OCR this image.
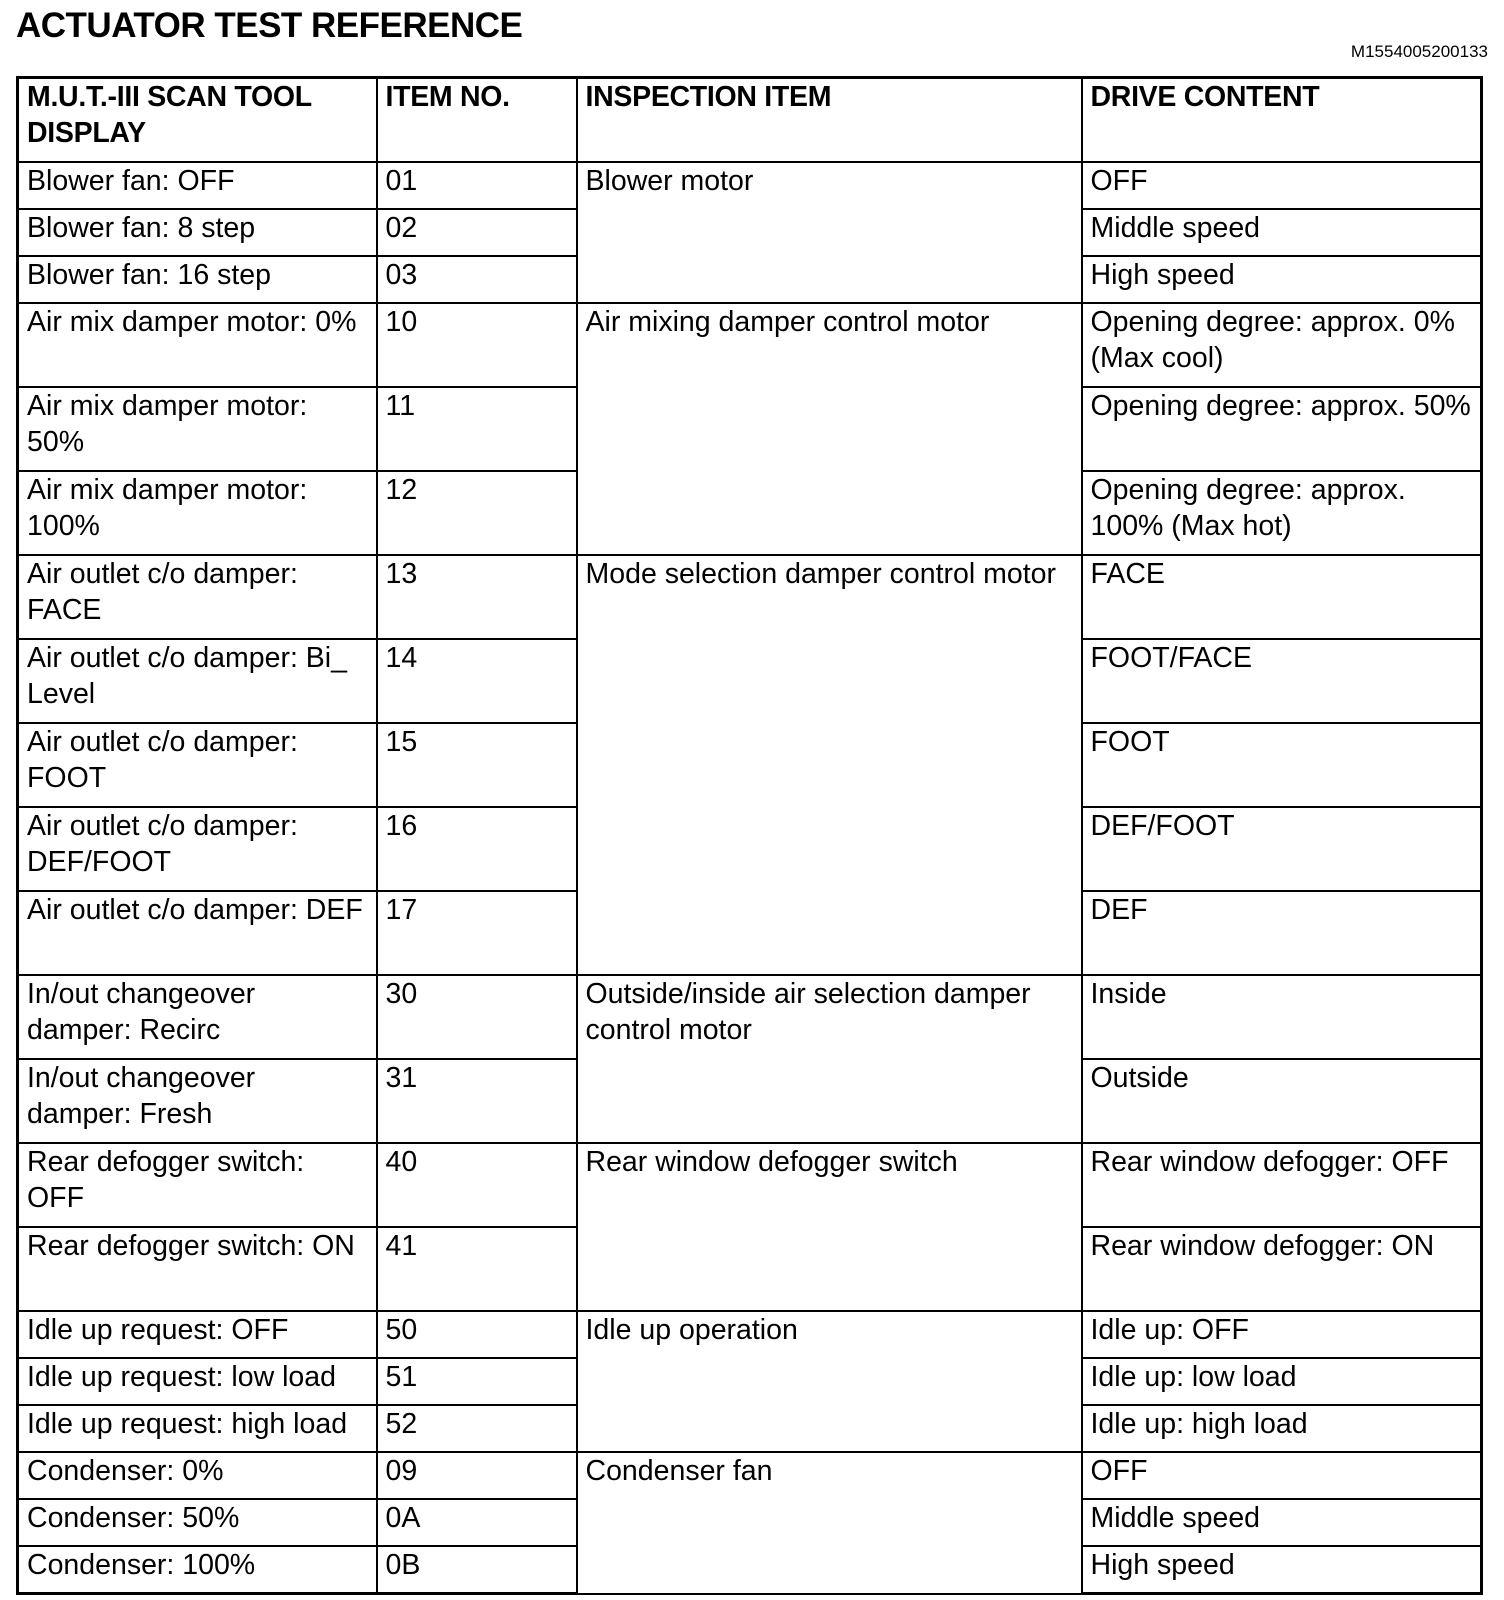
ACTUATOR TEST REFERENCE
M1554005200133
M.U.T.-III SCAN TOOL DISPLAY	ITEM NO.	INSPECTION ITEM	DRIVE CONTENT
Blower fan: OFF	01	Blower motor	OFF
Blower fan: 8 step	02		Middle speed
Blower fan: 16 step	03		High speed
Air mix damper motor: 0%	10	Air mixing damper control motor	Opening degree: approx. 0% (Max cool)
Air mix damper motor: 50%	11		Opening degree: approx. 50%
Air mix damper motor: 100%	12		Opening degree: approx. 100% (Max hot)
Air outlet c/o damper: FACE	13	Mode selection damper control motor	FACE
Air outlet c/o damper: Bi_ Level	14		FOOT/FACE
Air outlet c/o damper: FOOT	15		FOOT
Air outlet c/o damper: DEF/FOOT	16		DEF/FOOT
Air outlet c/o damper: DEF	17		DEF
In/out changeover damper: Recirc	30	Outside/inside air selection damper control motor	Inside
In/out changeover damper: Fresh	31		Outside
Rear defogger switch: OFF	40	Rear window defogger switch	Rear window defogger: OFF
Rear defogger switch: ON	41		Rear window defogger: ON
Idle up request: OFF	50	Idle up operation	Idle up: OFF
Idle up request: low load	51		Idle up: low load
Idle up request: high load	52		Idle up: high load
Condenser: 0%	09	Condenser fan	OFF
Condenser: 50%	0A		Middle speed
Condenser: 100%	0B		High speed
